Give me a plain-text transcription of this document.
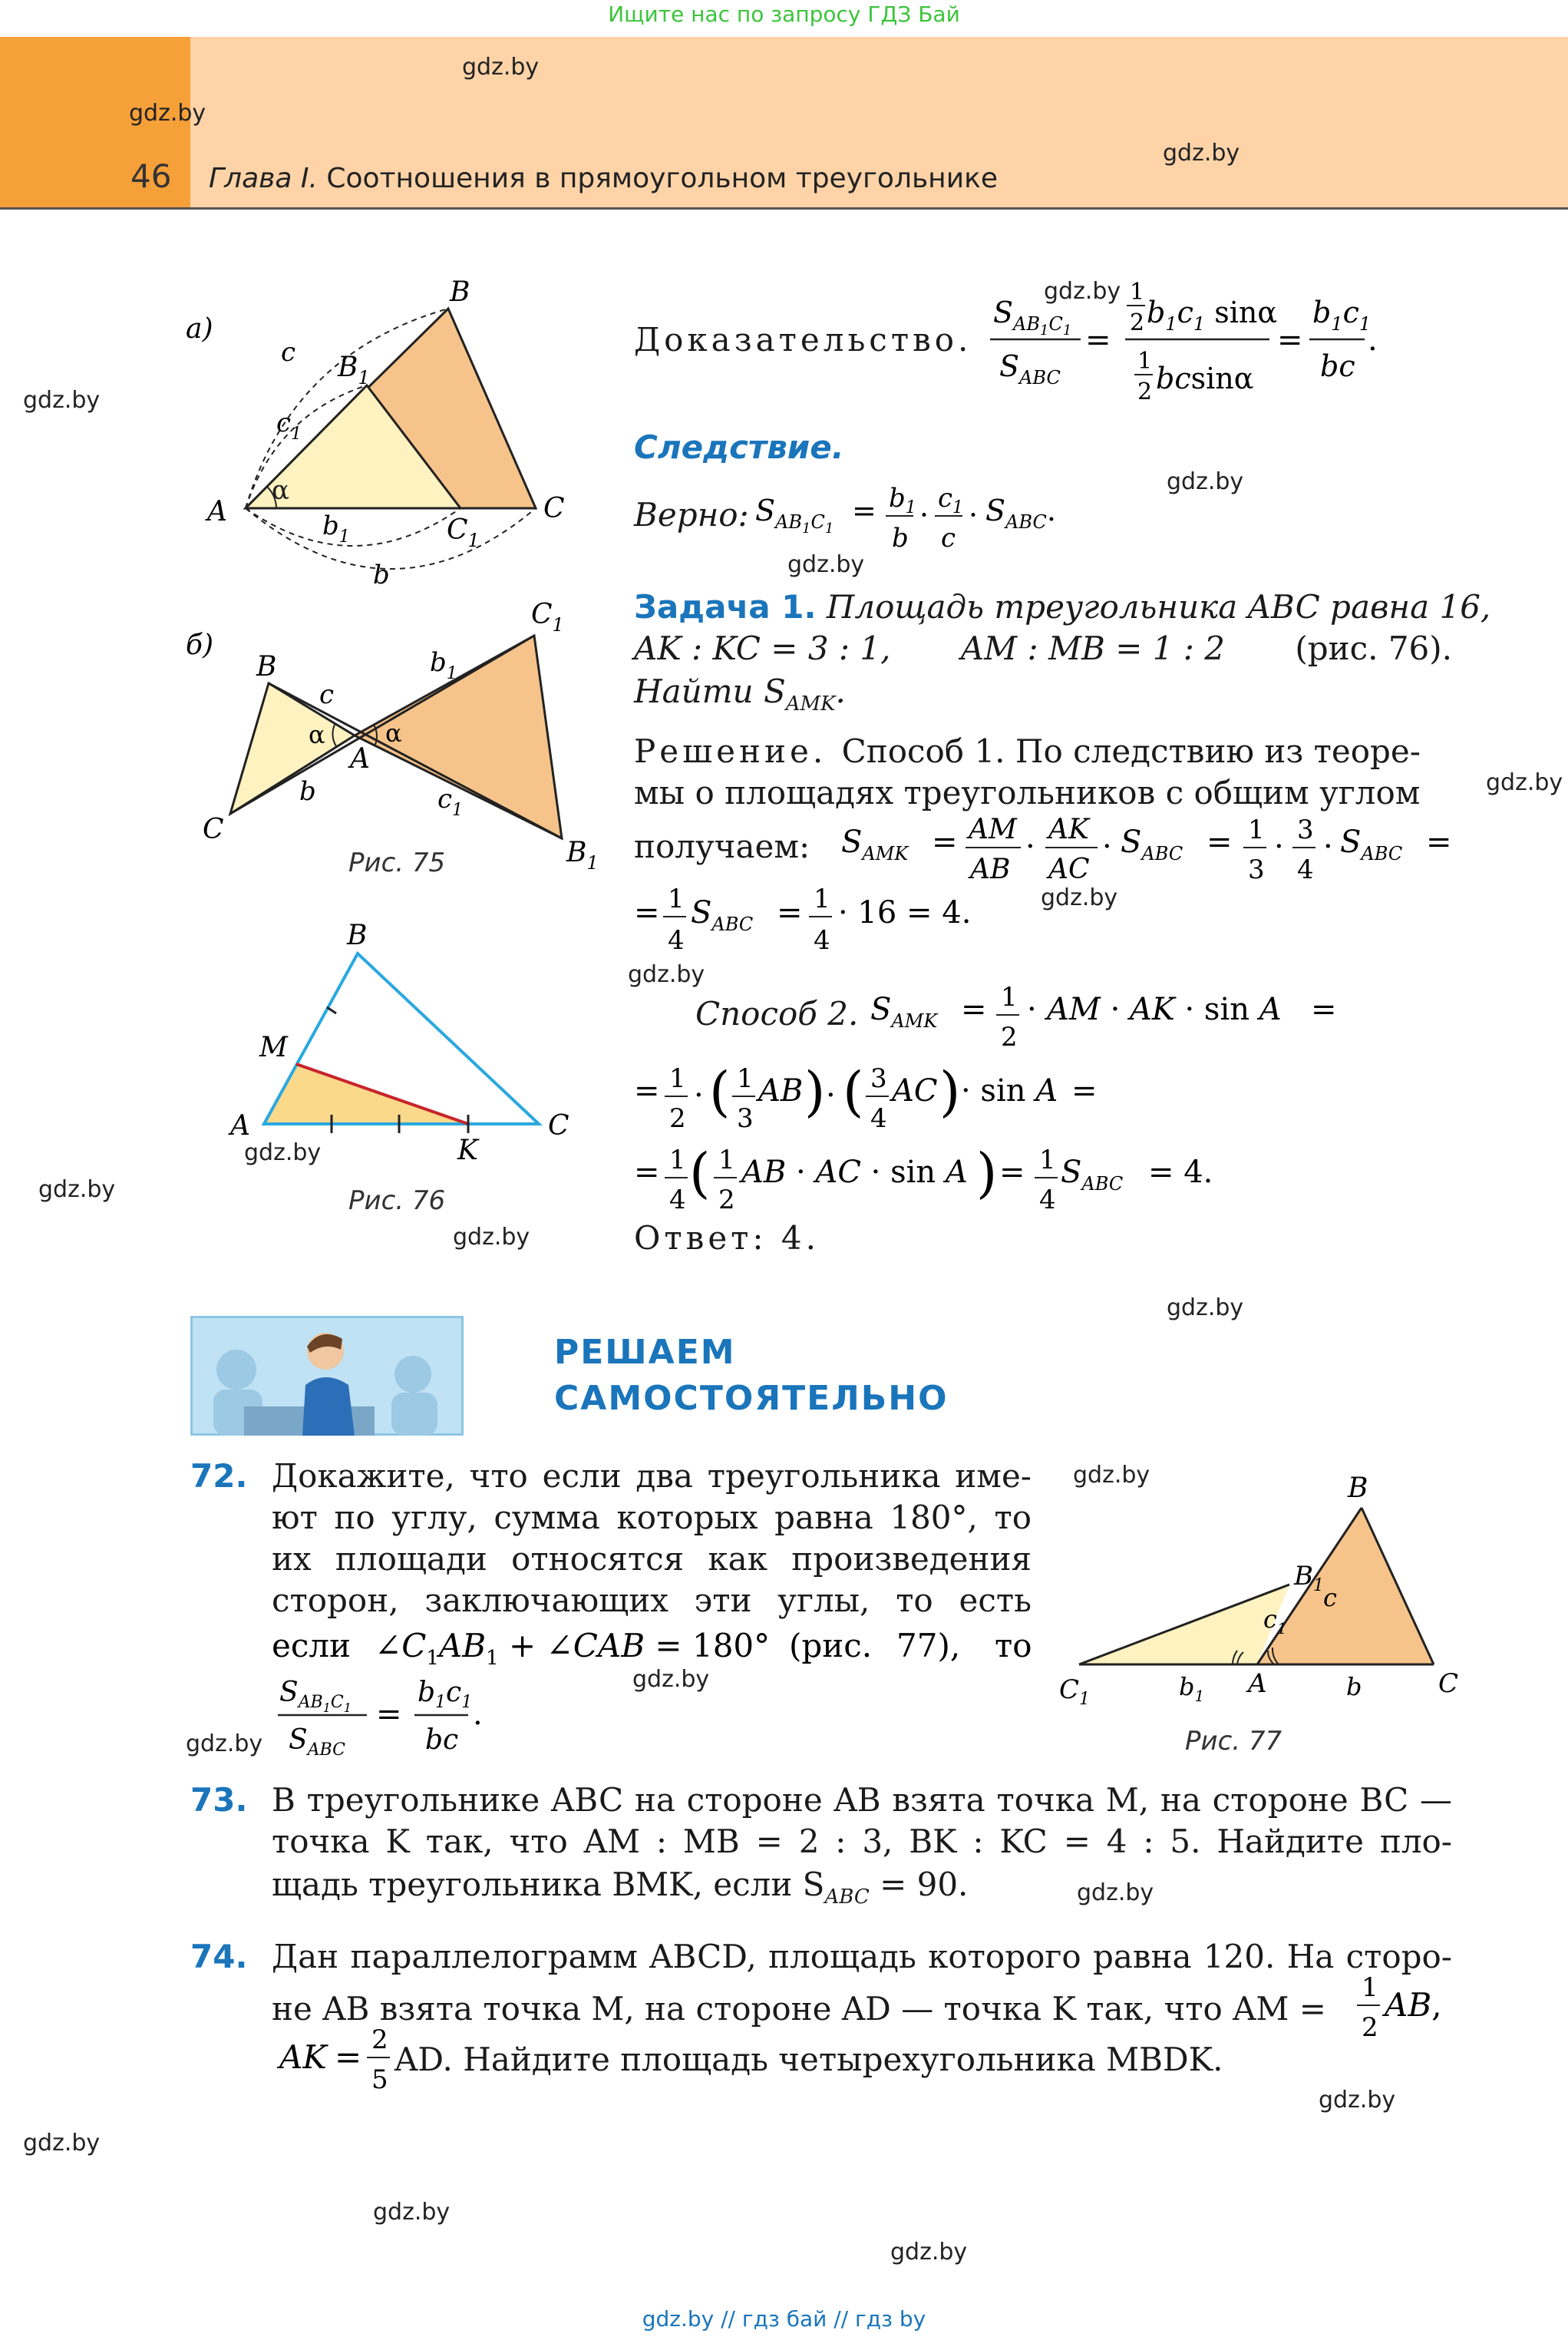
Ищите нас по запросу ГДЗ Бай
46 Глава I. Соотношения в прямоугольном треугольнике
gdz.by
gdz.by
gdz.by
gdz.by
gdz.by
gdz.by
gdz.by
gdz.by
gdz.by
gdz.by
gdz.by
gdz.by
gdz.by
gdz.by
gdz.by
gdz.by
gdz.by
gdz.by
gdz.by
gdz.by
gdz.by
gdz.by
а)
A
B
C
$B_1$
$C_1$
c
$c_1$
$b_1$
b
α
б)
B
C
A
$C_1$
$B_1$
c
b
$b_1$
$c_1$
α α
Рис. 75
B
M
A	C
K
Рис. 76
Доказательство.
$S_{AB}1C1$
$S_{ABC}$
=
1
2 $b_1c_1$ sinα
1
2 bcsinα
=
$b_1c_1$
bc
.
Следствие.
Верно: $S_{AB}1C1$
= $b_1$
b
· $c_1$
c
· $S_{ABC}$.
Задача 1. Площадь треугольника ABC равна 16,
AK : KC = 3 : 1, AM : MB = 1 : 2 (рис. 76).
Найти $S_{AMK}$.
Решение. Способ 1. По следствию из теоре-
мы о площадях треугольников с общим углом
получаем: $S_{AMK}$ = AM
AB
· AK
AC
· $S_{ABC} = 1$
3
· 3
4
· $S_{ABC}$ =
= 1
4
$S_{ABC} = 1$
4
· 16 = 4.
Способ 2. $S_{AMK} = 1$
2
· AM · AK · sin A =
= 1
2
· ( 1
3
AB ) · ( 3
4
AC ) · sin A =
= 1
4 ( 1
2
AB · AC · sin A ) = 1
4
$S_{ABC} = 4$.
Ответ: 4.
РЕШАЕМ
САМОСТОЯТЕЛЬНО
72. Докажите, что если два треугольника име-
ют по углу, сумма которых равна 180°, то
их площади относятся как произведения
сторон, заключающих эти углы, то есть
если $\angle C_1AB_1$ + ∠CAB = 180° (рис. 77), то
$S_{AB}1C1$
$S_{ABC}$
=
$b_1c_1$
bc
.
B
$B_1$
$C_1$
A	C
$b_1$	b
c
$c_1$
Рис. 77
73. В треугольнике ABC на стороне AB взята точка M, на стороне BC —
точка K так, что AM : MB = 2 : 3, BK : KC = 4 : 5. Найдите пло-
щадь треугольника BMK, если $S_{ABC} = 90$.
74. Дан параллелограмм ABCD, площадь которого равна 120. На сторо-
не AB взята точка M, на стороне AD — точка K так, что AM =
1
2
AB,
AK = 2
5
AD. Найдите площадь четырехугольника MBDK.
gdz.by // гдз бай // гдз by
